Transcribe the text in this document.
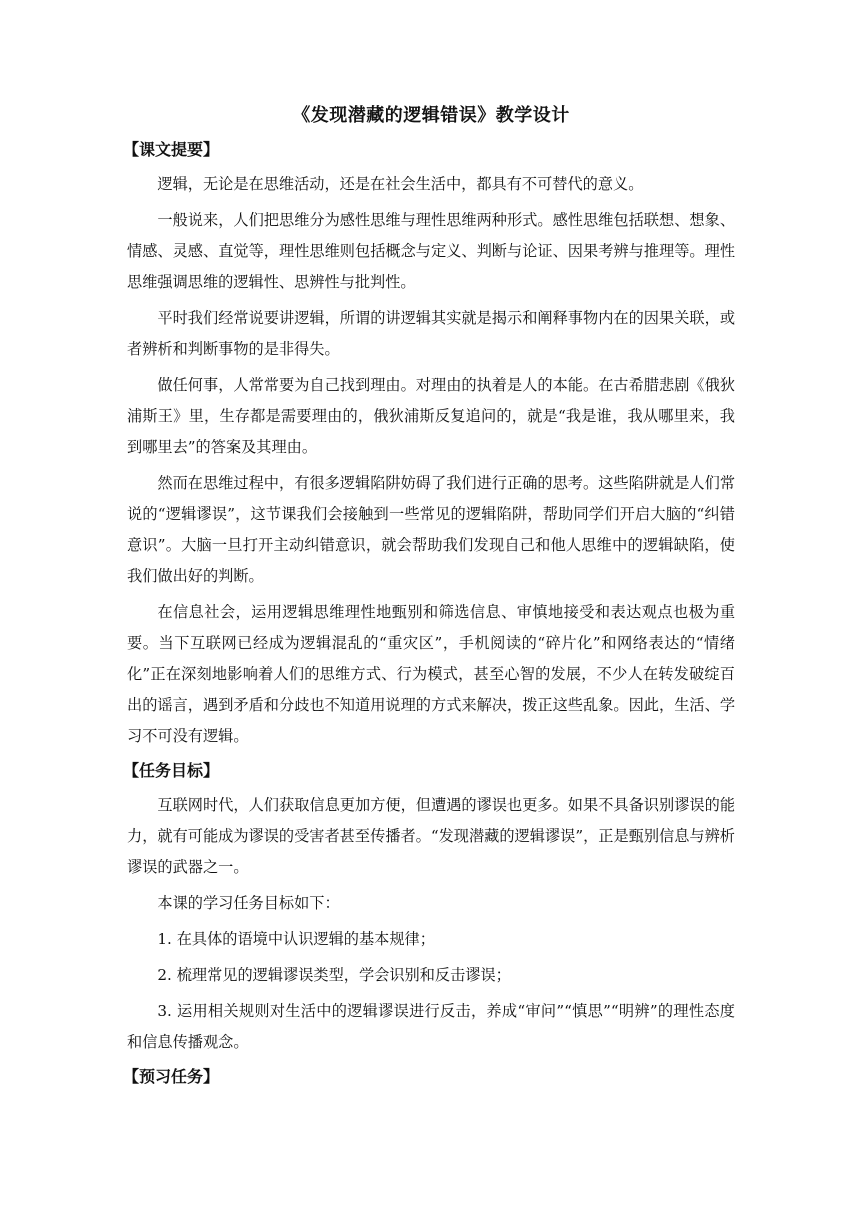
《发现潜藏的逻辑错误》教学设计
【课文提要】

逻辑，无论是在思维活动，还是在社会生活中，都具有不可替代的意义。

一般说来，人们把思维分为感性思维与理性思维两种形式。感性思维包括联想、想象、情感、灵感、直觉等，理性思维则包括概念与定义、判断与论证、因果考辨与推理等。理性思维强调思维的逻辑性、思辨性与批判性。

平时我们经常说要讲逻辑，所谓的讲逻辑其实就是揭示和阐释事物内在的因果关联，或者辨析和判断事物的是非得失。

做任何事，人常常要为自己找到理由。对理由的执着是人的本能。在古希腊悲剧《俄狄浦斯王》里，生存都是需要理由的，俄狄浦斯反复追问的，就是“我是谁，我从哪里来，我到哪里去”的答案及其理由。

然而在思维过程中，有很多逻辑陷阱妨碍了我们进行正确的思考。这些陷阱就是人们常说的“逻辑谬误”，这节课我们会接触到一些常见的逻辑陷阱，帮助同学们开启大脑的“纠错意识”。大脑一旦打开主动纠错意识，就会帮助我们发现自己和他人思维中的逻辑缺陷，使我们做出好的判断。

在信息社会，运用逻辑思维理性地甄别和筛选信息、审慎地接受和表达观点也极为重要。当下互联网已经成为逻辑混乱的“重灾区”，手机阅读的“碎片化”和网络表达的“情绪化”正在深刻地影响着人们的思维方式、行为模式，甚至心智的发展，不少人在转发破绽百出的谣言，遇到矛盾和分歧也不知道用说理的方式来解决，拨正这些乱象。因此，生活、学习不可没有逻辑。

【任务目标】

互联网时代，人们获取信息更加方便，但遭遇的谬误也更多。如果不具备识别谬误的能力，就有可能成为谬误的受害者甚至传播者。“发现潜藏的逻辑谬误”，正是甄别信息与辨析谬误的武器之一。

本课的学习任务目标如下：

1. 在具体的语境中认识逻辑的基本规律；

2. 梳理常见的逻辑谬误类型，学会识别和反击谬误；

3. 运用相关规则对生活中的逻辑谬误进行反击，养成“审问”“慎思”“明辨”的理性态度和信息传播观念。

【预习任务】
